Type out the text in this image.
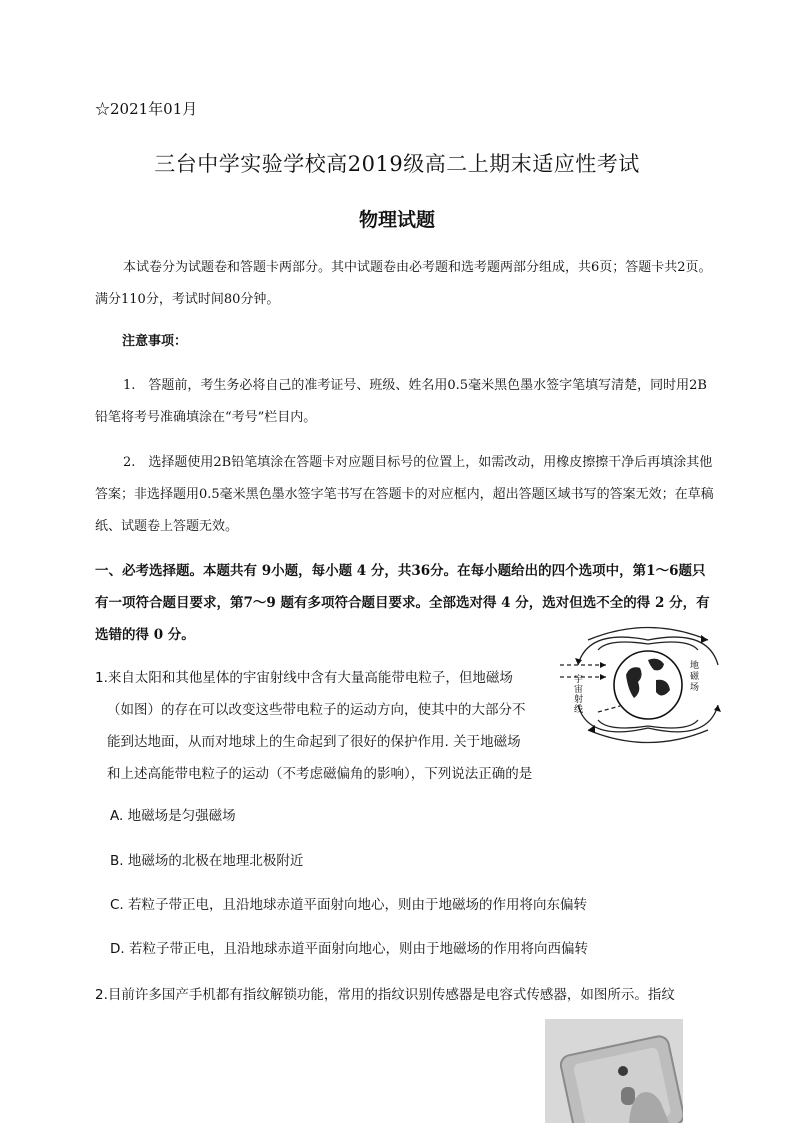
☆2021年01月
三台中学实验学校高2019级高二上期末适应性考试
物理试题
本试卷分为试题卷和答题卡两部分。其中试题卷由必考题和选考题两部分组成，共6页；答题卡共2页。满分110分，考试时间80分钟。
注意事项：
1.　答题前，考生务必将自己的准考证号、班级、姓名用0.5毫米黑色墨水签字笔填写清楚，同时用2B铅笔将考号准确填涂在“考号”栏目内。
2.　选择题使用2B铅笔填涂在答题卡对应题目标号的位置上，如需改动，用橡皮擦擦干净后再填涂其他答案；非选择题用0.5毫米黑色墨水签字笔书写在答题卡的对应框内，超出答题区域书写的答案无效；在草稿纸、试题卷上答题无效。
一、必考选择题。本题共有 9小题，每小题 4 分，共36分。在每小题给出的四个选项中，第1～6题只有一项符合题目要求，第7～9 题有多项符合题目要求。全部选对得 4 分，选对但选不全的得 2 分，有选错的得 0 分。
1.来自太阳和其他星体的宇宙射线中含有大量高能带电粒子，但地磁场
（如图）的存在可以改变这些带电粒子的运动方向，使其中的大部分不
能到达地面，从而对地球上的生命起到了很好的保护作用. 关于地磁场
和上述高能带电粒子的运动（不考虑磁偏角的影响），下列说法正确的是
A. 地磁场是匀强磁场
B. 地磁场的北极在地理北极附近
C. 若粒子带正电，且沿地球赤道平面射向地心，则由于地磁场的作用将向东偏转
D. 若粒子带正电，且沿地球赤道平面射向地心，则由于地磁场的作用将向西偏转
宇 宙 射 线
地 磁 场
2.目前许多国产手机都有指纹解锁功能，常用的指纹识别传感器是电容式传感器，如图所示。指纹
